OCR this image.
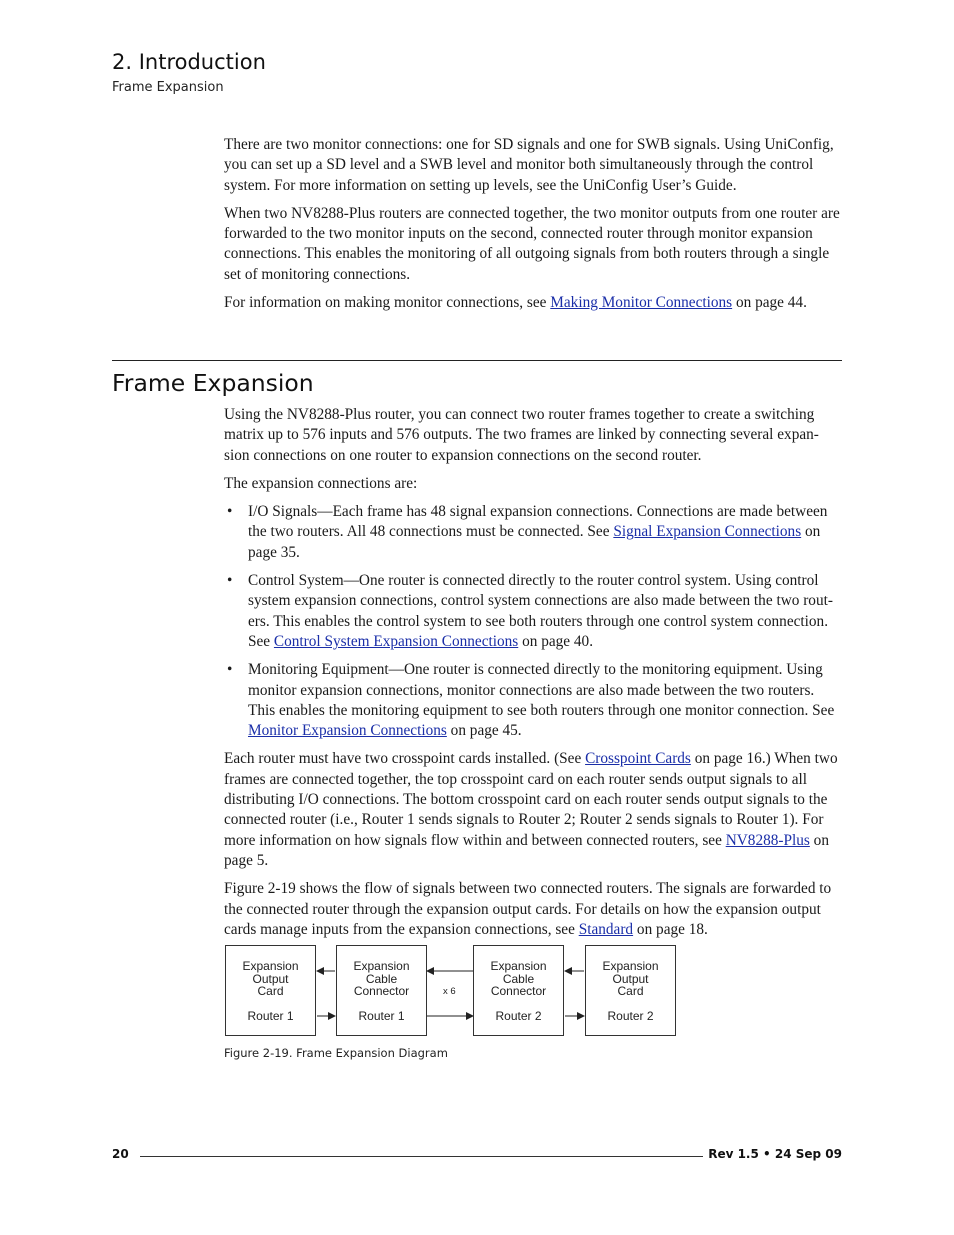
2. Introduction
Frame Expansion

There are two monitor connections: one for SD signals and one for SWB signals. Using UniConfig, you can set up a SD level and a SWB level and monitor both simultaneously through the control system. For more information on setting up levels, see the UniConfig User’s Guide.

When two NV8288-Plus routers are connected together, the two monitor outputs from one router are forwarded to the two monitor inputs on the second, connected router through monitor expansion connections. This enables the monitoring of all outgoing signals from both routers through a single set of monitoring connections.

For information on making monitor connections, see Making Monitor Connections on page 44.

Frame Expansion

Using the NV8288-Plus router, you can connect two router frames together to create a switching matrix up to 576 inputs and 576 outputs. The two frames are linked by connecting several expan-sion connections on one router to expansion connections on the second router.

The expansion connections are:

• I/O Signals—Each frame has 48 signal expansion connections. Connections are made between the two routers. All 48 connections must be connected. See Signal Expansion Connections on page 35.
• Control System—One router is connected directly to the router control system. Using control system expansion connections, control system connections are also made between the two rout-ers. This enables the control system to see both routers through one control system connection. See Control System Expansion Connections on page 40.
• Monitoring Equipment—One router is connected directly to the monitoring equipment. Using monitor expansion connections, monitor connections are also made between the two routers. This enables the monitoring equipment to see both routers through one monitor connection. See Monitor Expansion Connections on page 45.

Each router must have two crosspoint cards installed. (See Crosspoint Cards on page 16.) When two frames are connected together, the top crosspoint card on each router sends output signals to all distributing I/O connections. The bottom crosspoint card on each router sends output signals to the connected router (i.e., Router 1 sends signals to Router 2; Router 2 sends signals to Router 1). For more information on how signals flow within and between connected routers, see NV8288-Plus on page 5.

Figure 2-19 shows the flow of signals between two connected routers. The signals are forwarded to the connected router through the expansion output cards. For details on how the expansion output cards manage inputs from the expansion connections, see Standard on page 18.

Expansion
Output
Card
Router 1
Expansion
Cable
Connector
Router 1
Expansion
Cable
Connector
Router 2
Expansion
Output
Card
Router 2
x 6
Figure 2-19. Frame Expansion Diagram
20	Rev 1.5 • 24 Sep 09
